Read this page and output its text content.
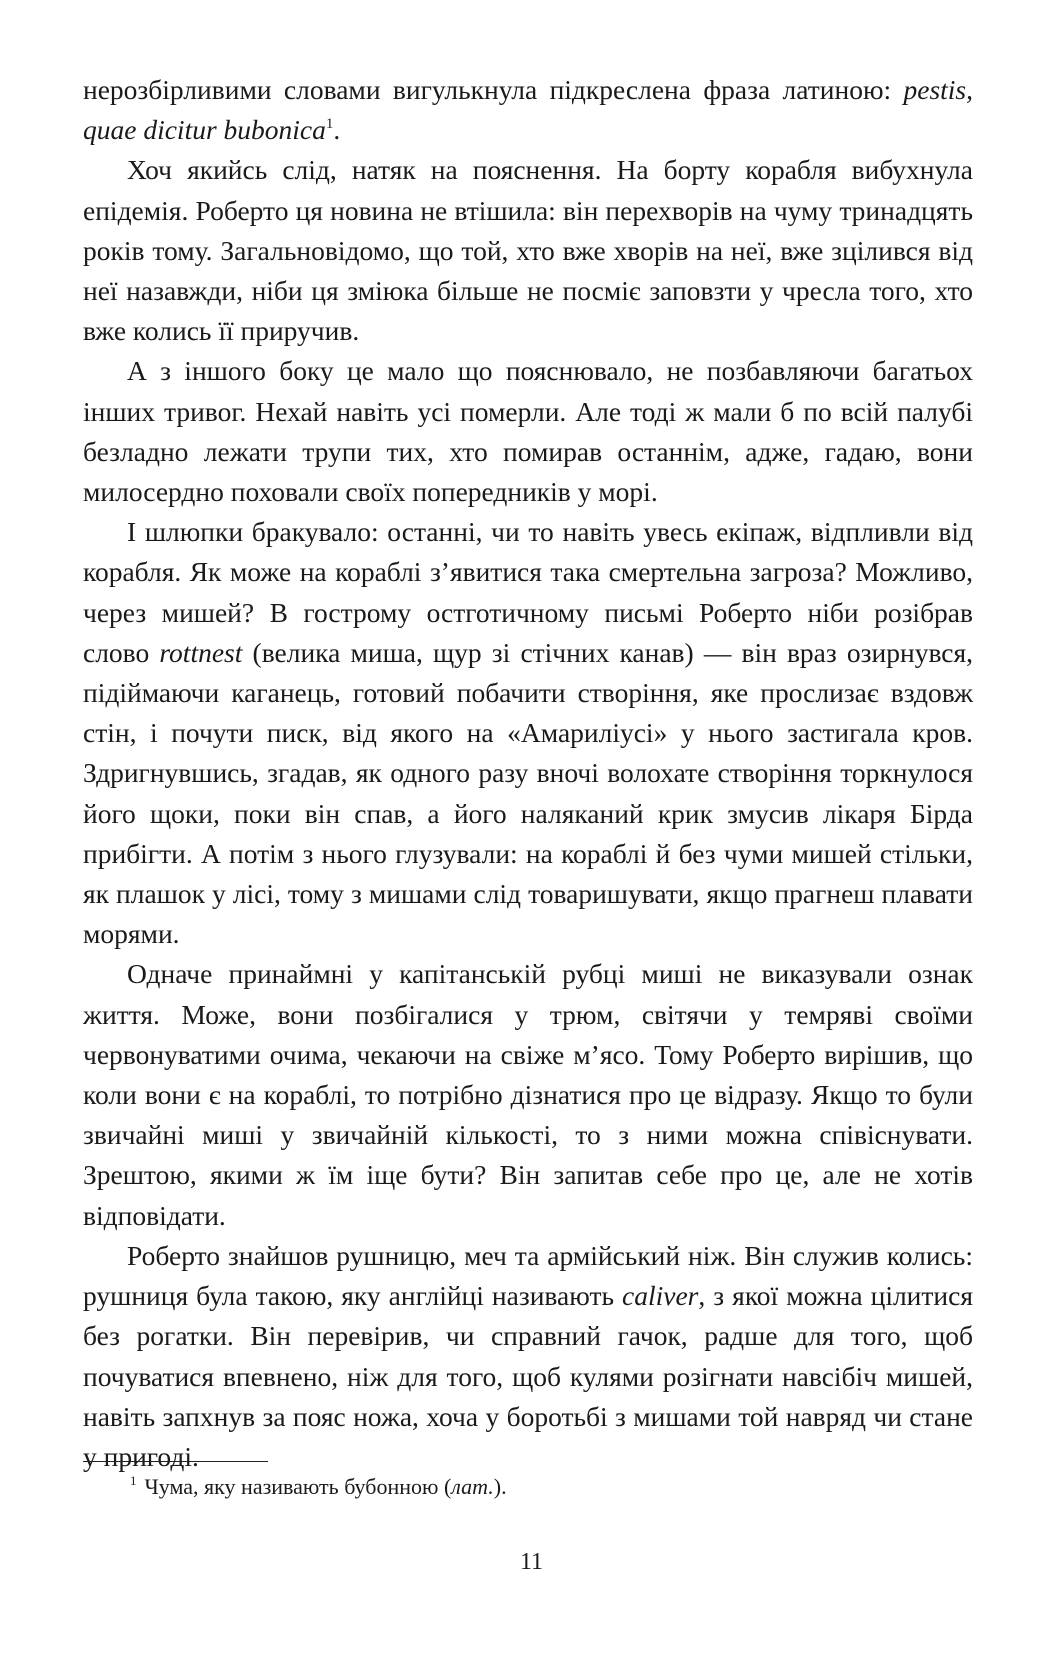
нерозбірливими словами вигулькнула підкреслена фраза латиною: pestis, quae dicitur bubonica$^1$.

Хоч якийсь слід, натяк на пояснення. На борту корабля вибухнула епідемія. Роберто ця новина не втішила: він перехворів на чуму тринадцять років тому. Загальновідомо, що той, хто вже хворів на неї, вже зцілився від неї назавжди, ніби ця зміюка більше не посміє заповзти у чресла того, хто вже колись її приручив.

А з іншого боку це мало що пояснювало, не позбавляючи багатьох інших тривог. Нехай навіть усі померли. Але тоді ж мали б по всій палубі безладно лежати трупи тих, хто помирав останнім, адже, гадаю, вони милосердно поховали своїх попередників у морі.

І шлюпки бракувало: останні, чи то навіть увесь екіпаж, відпливли від корабля. Як може на кораблі з’явитися така смертельна загроза? Можливо, через мишей? В гострому остготичному письмі Роберто ніби розібрав слово rottnest (велика миша, щур зі стічних канав) — він враз озирнувся, підіймаючи каганець, готовий побачити створіння, яке прослизає вздовж стін, і почути писк, від якого на «Амариліусі» у нього застигала кров. Здригнувшись, згадав, як одного разу вночі волохате створіння торкнулося його щоки, поки він спав, а його наляканий крик змусив лікаря Бірда прибігти. А потім з нього глузували: на кораблі й без чуми мишей стільки, як плашок у лісі, тому з мишами слід товаришувати, якщо прагнеш плавати морями.

Одначе принаймні у капітанській рубці миші не виказували ознак життя. Може, вони позбігалися у трюм, світячи у темряві своїми червонуватими очима, чекаючи на свіже м’ясо. Тому Роберто вирішив, що коли вони є на кораблі, то потрібно дізнатися про це відразу. Якщо то були звичайні миші у звичайній кількості, то з ними можна співіснувати. Зрештою, якими ж їм іще бути? Він запитав себе про це, але не хотів відповідати.

Роберто знайшов рушницю, меч та армійський ніж. Він служив колись: рушниця була такою, яку англійці називають caliver, з якої можна цілитися без рогатки. Він перевірив, чи справний гачок, радше для того, щоб почуватися впевнено, ніж для того, щоб кулями розігнати навсібіч мишей, навіть запхнув за пояс ножа, хоча у боротьбі з мишами той навряд чи стане у пригоді.

$^1$ Чума, яку називають бубонною (лат.).
11
